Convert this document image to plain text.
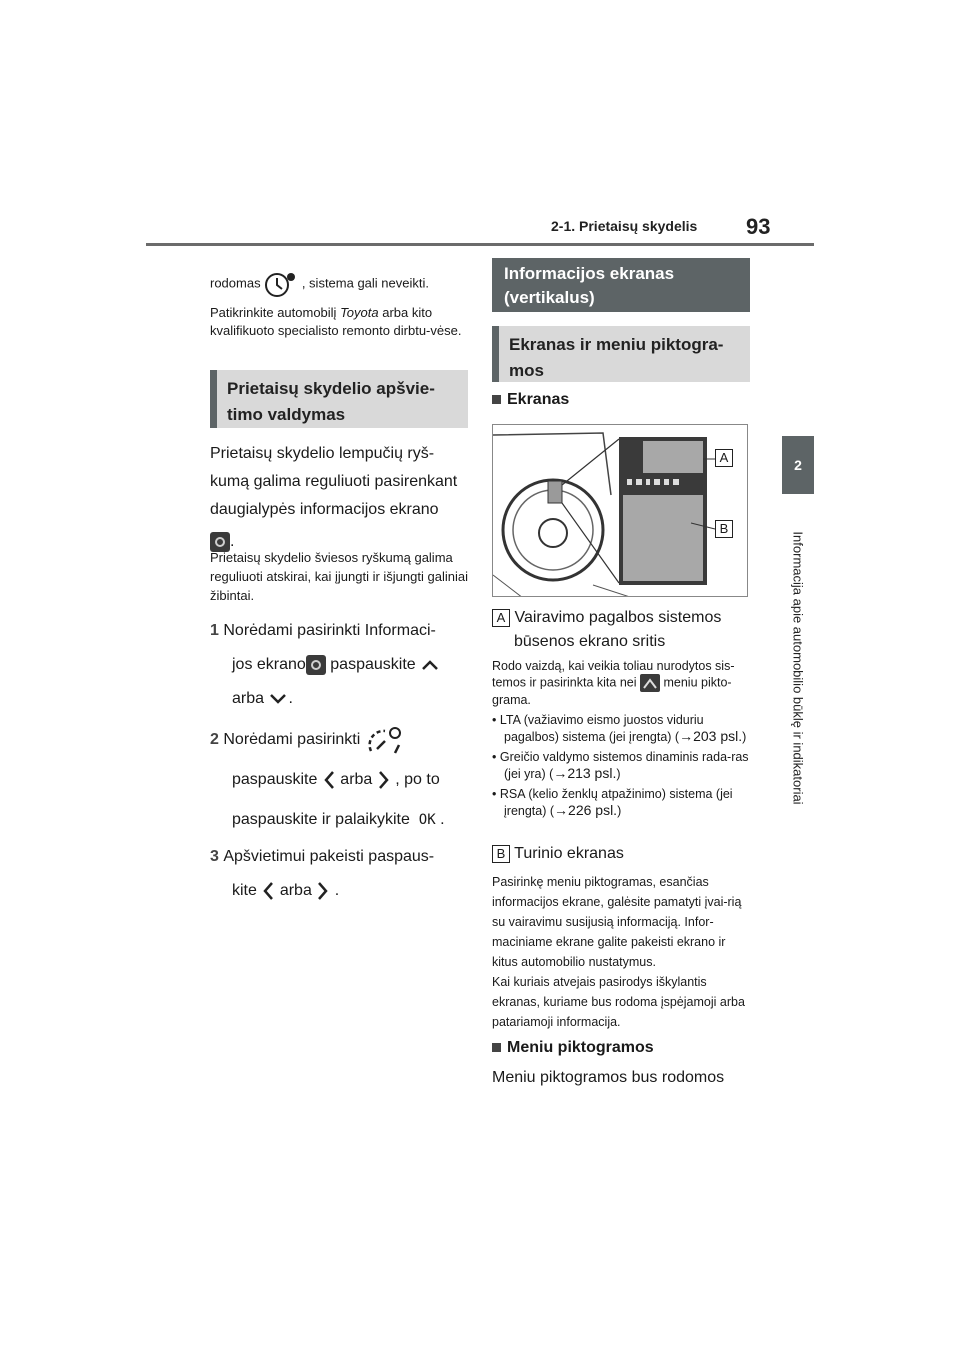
2-1. Prietaisų skydelis 93
2
Informacija apie automobilio būklę ir indikatoriai
rodomas	, sistema gali neveikti.
Patikrinkite automobilį Toyota arba kito kvalifikuoto specialisto remonto dirbtu-vėse.
Prietaisų skydelio apšvie-timo valdymas
Prietaisų skydelio lempučių ryš-kumą galima reguliuoti pasirenkant daugialypės informacijos ekrano
.
Prietaisų skydelio šviesos ryškumą galima reguliuoti atskirai, kai įjungti ir išjungti galiniai žibintai.
1 Norėdami pasirinkti Informaci-
jos ekrano paspauskite
arba .
2 Norėdami pasirinkti
paspauskite arba , po to
paspauskite ir palaikykite OK .
3 Apšvietimui pakeisti paspaus-
kite arba .
Informacijos ekranas (vertikalus)
Ekranas ir meniu piktogra-mos
Ekranas
A
B
A Vairavimo pagalbos sistemos
būsenos ekrano sritis
Rodo vaizdą, kai veikia toliau nurodytos sis-temos ir pasirinkta kita nei  meniu pikto-grama.
• LTA (važiavimo eismo juostos viduriu pagalbos) sistema (jei įrengta) (→203 psl.)
• Greičio valdymo sistemos dinaminis rada-ras (jei yra) (→213 psl.)
• RSA (kelio ženklų atpažinimo) sistema (jei įrengta) (→226 psl.)
B Turinio ekranas
Pasirinkę meniu piktogramas, esančias informacijos ekrane, galėsite pamatyti įvai-rią su vairavimu susijusią informaciją. Infor-maciniame ekrane galite pakeisti ekrano ir kitus automobilio nustatymus.
Kai kuriais atvejais pasirodys iškylantis ekranas, kuriame bus rodoma įspėjamoji arba patariamoji informacija.
Meniu piktogramos
Meniu piktogramos bus rodomos
